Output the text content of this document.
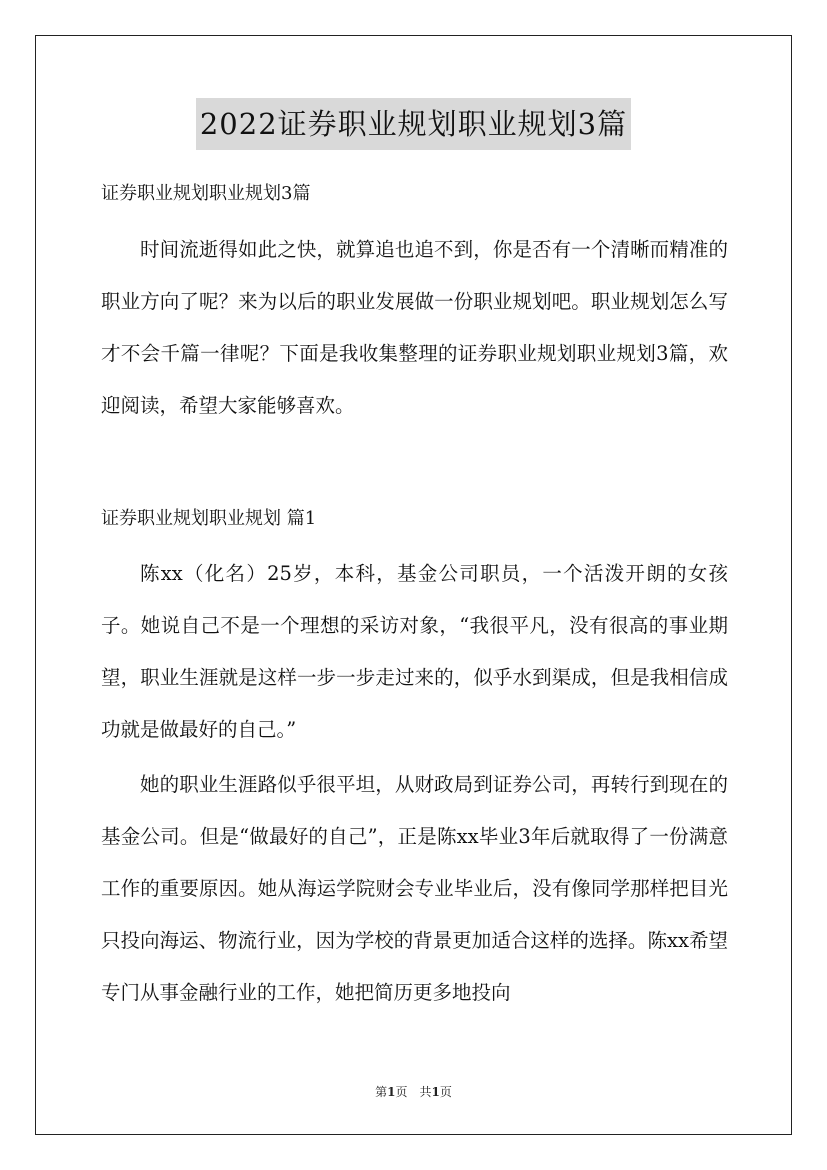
2022证券职业规划职业规划3篇
证券职业规划职业规划3篇

时间流逝得如此之快，就算追也追不到，你是否有一个清晰而精准的职业方向了呢？来为以后的职业发展做一份职业规划吧。职业规划怎么写才不会千篇一律呢？下面是我收集整理的证券职业规划职业规划3篇，欢迎阅读，希望大家能够喜欢。

证券职业规划职业规划 篇1

陈xx（化名）25岁，本科，基金公司职员，一个活泼开朗的女孩子。她说自己不是一个理想的采访对象，“我很平凡，没有很高的事业期望，职业生涯就是这样一步一步走过来的，似乎水到渠成，但是我相信成功就是做最好的自己。”

她的职业生涯路似乎很平坦，从财政局到证券公司，再转行到现在的基金公司。但是“做最好的自己”，正是陈xx毕业3年后就取得了一份满意工作的重要原因。她从海运学院财会专业毕业后，没有像同学那样把目光只投向海运、物流行业，因为学校的背景更加适合这样的选择。陈xx希望专门从事金融行业的工作，她把简历更多地投向

第1页　共1页
